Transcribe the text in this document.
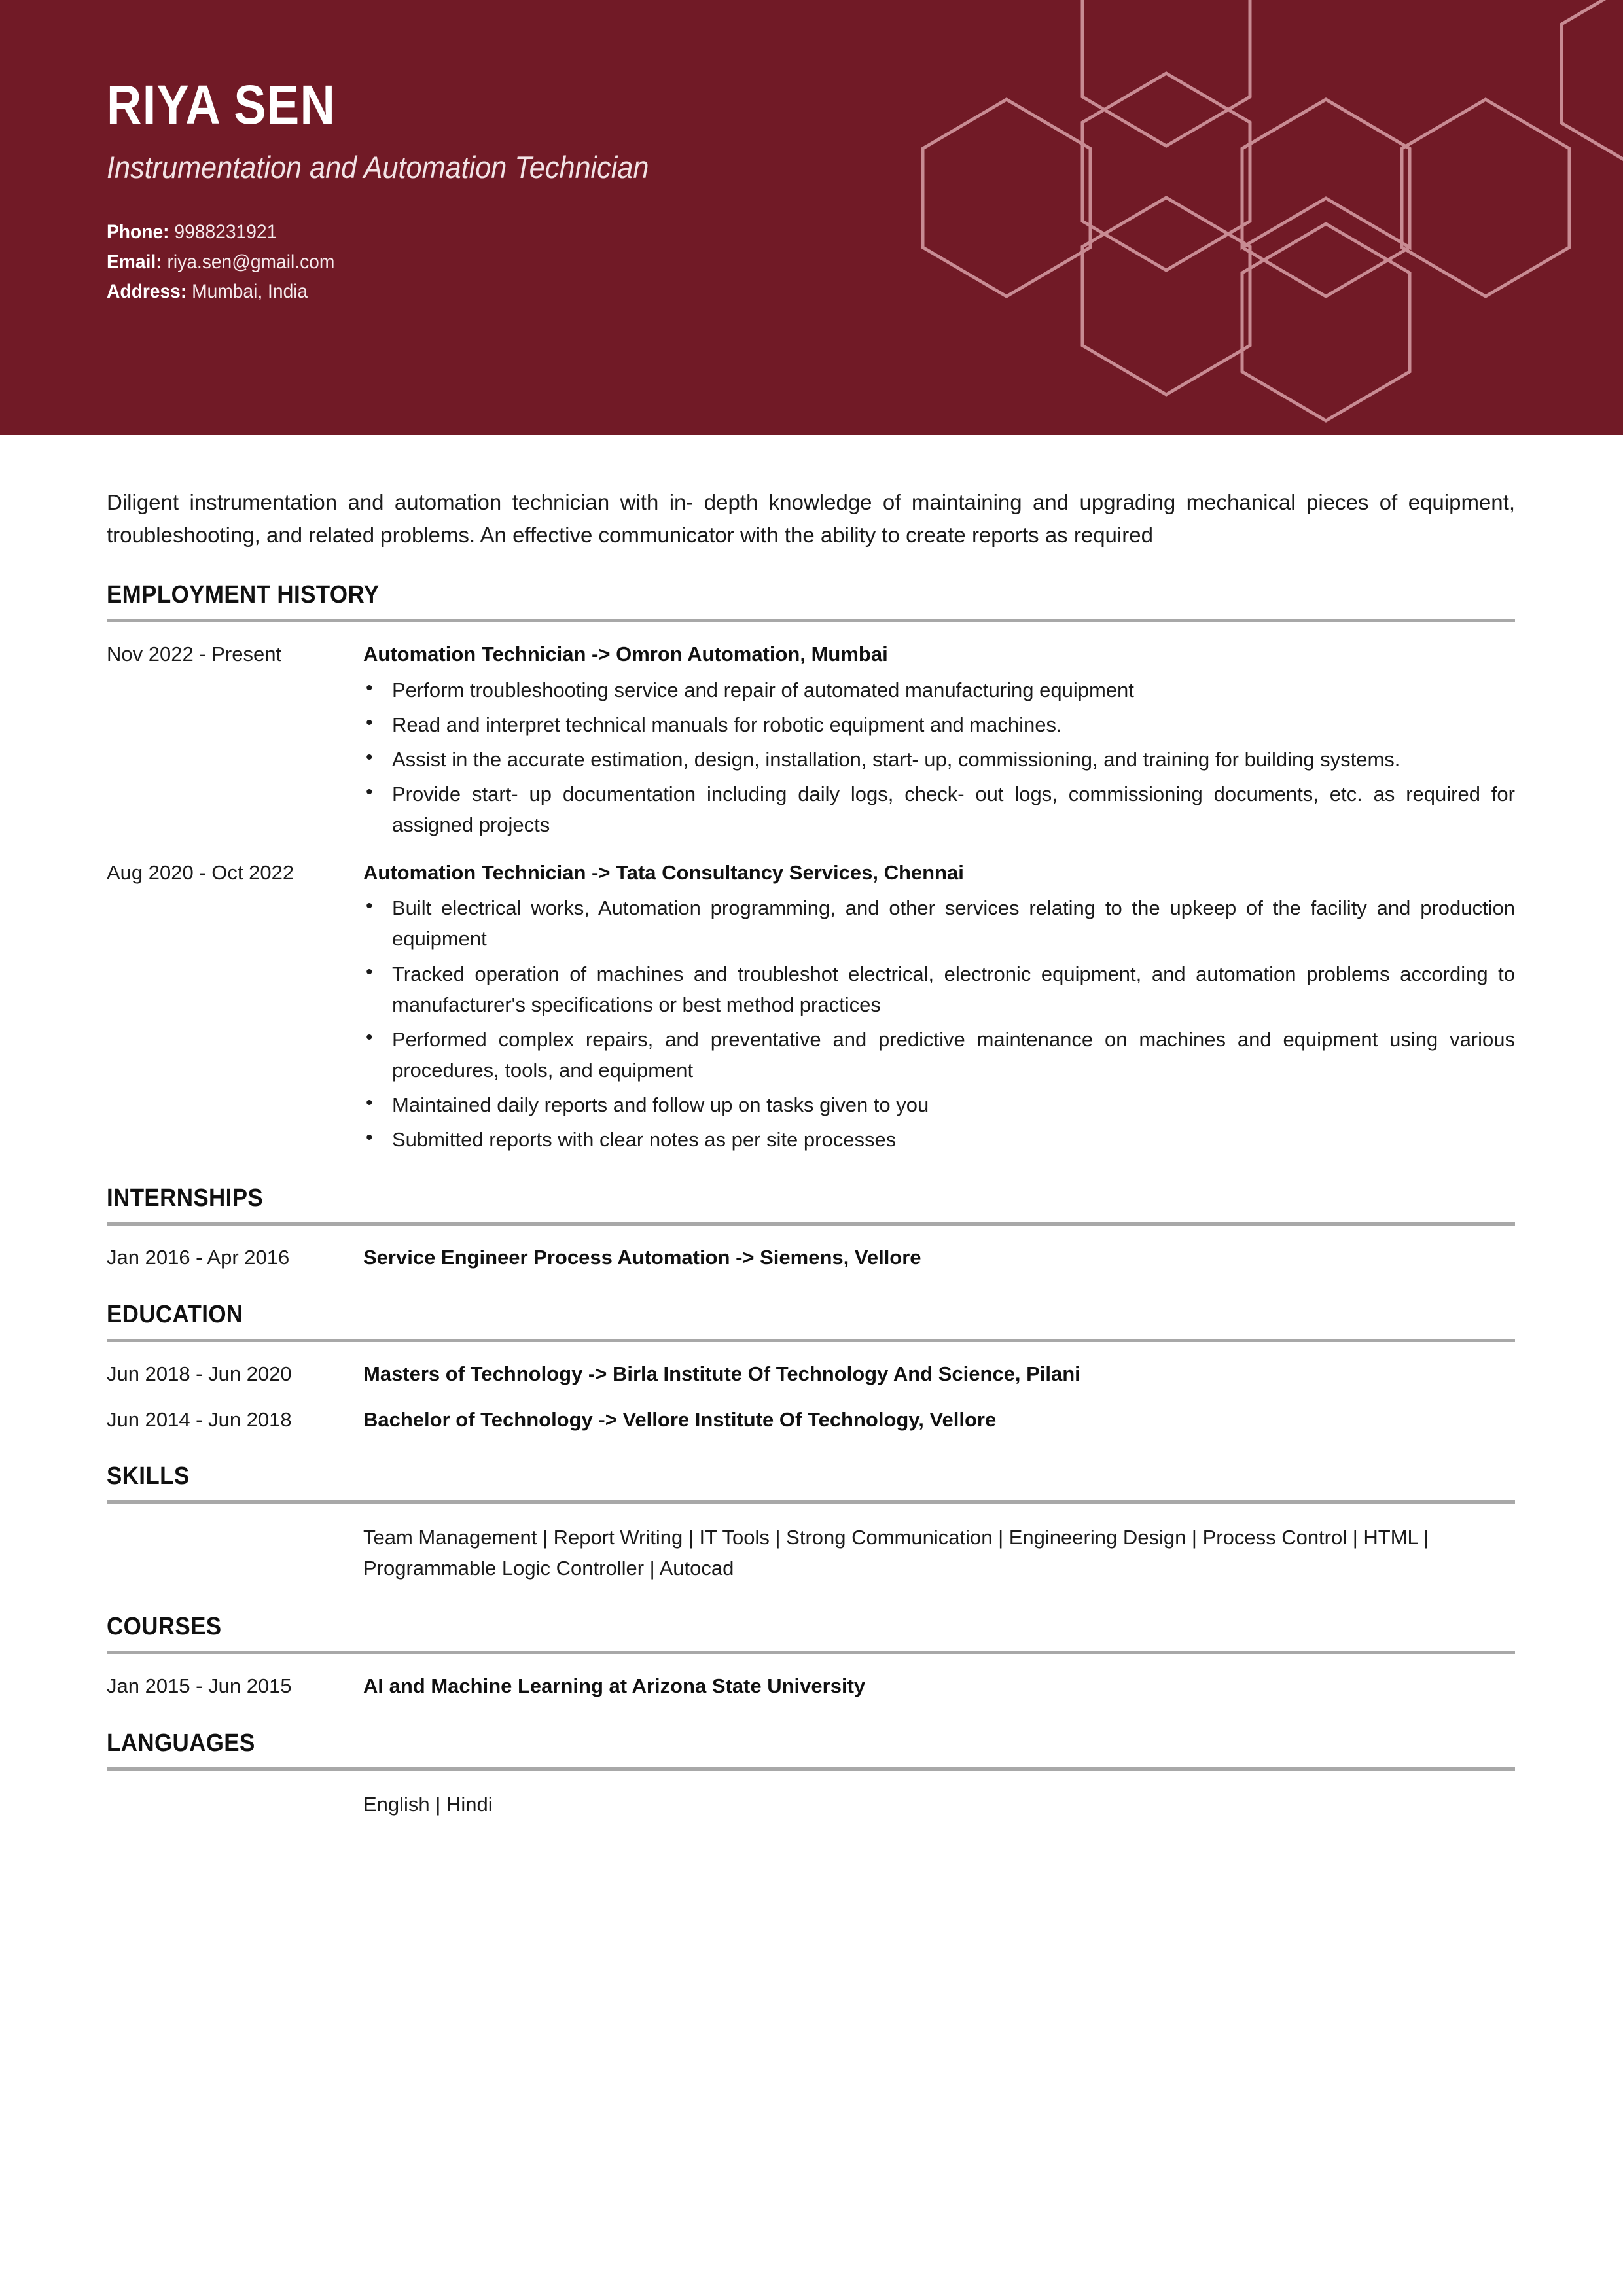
RIYA SEN
Instrumentation and Automation Technician
Phone: 9988231921
Email: riya.sen@gmail.com
Address: Mumbai, India

Diligent instrumentation and automation technician with in- depth knowledge of maintaining and upgrading mechanical pieces of equipment, troubleshooting, and related problems. An effective communicator with the ability to create reports as required

EMPLOYMENT HISTORY
Nov 2022 - Present	Automation Technician -> Omron Automation, Mumbai
• Perform troubleshooting service and repair of automated manufacturing equipment
• Read and interpret technical manuals for robotic equipment and machines.
• Assist in the accurate estimation, design, installation, start- up, commissioning, and training for building systems.
• Provide start- up documentation including daily logs, check- out logs, commissioning documents, etc. as required for assigned projects
Aug 2020 - Oct 2022	Automation Technician -> Tata Consultancy Services, Chennai
• Built electrical works, Automation programming, and other services relating to the upkeep of the facility and production equipment
• Tracked operation of machines and troubleshot electrical, electronic equipment, and automation problems according to manufacturer's specifications or best method practices
• Performed complex repairs, and preventative and predictive maintenance on machines and equipment using various procedures, tools, and equipment
• Maintained daily reports and follow up on tasks given to you
• Submitted reports with clear notes as per site processes
INTERNSHIPS
Jan 2016 - Apr 2016	Service Engineer Process Automation -> Siemens, Vellore
EDUCATION
Jun 2018 - Jun 2020	Masters of Technology -> Birla Institute Of Technology And Science, Pilani
Jun 2014 - Jun 2018	Bachelor of Technology -> Vellore Institute Of Technology, Vellore
SKILLS
Team Management | Report Writing | IT Tools | Strong Communication | Engineering Design | Process Control | HTML | Programmable Logic Controller | Autocad
COURSES
Jan 2015 - Jun 2015	AI and Machine Learning at Arizona State University
LANGUAGES
English | Hindi
